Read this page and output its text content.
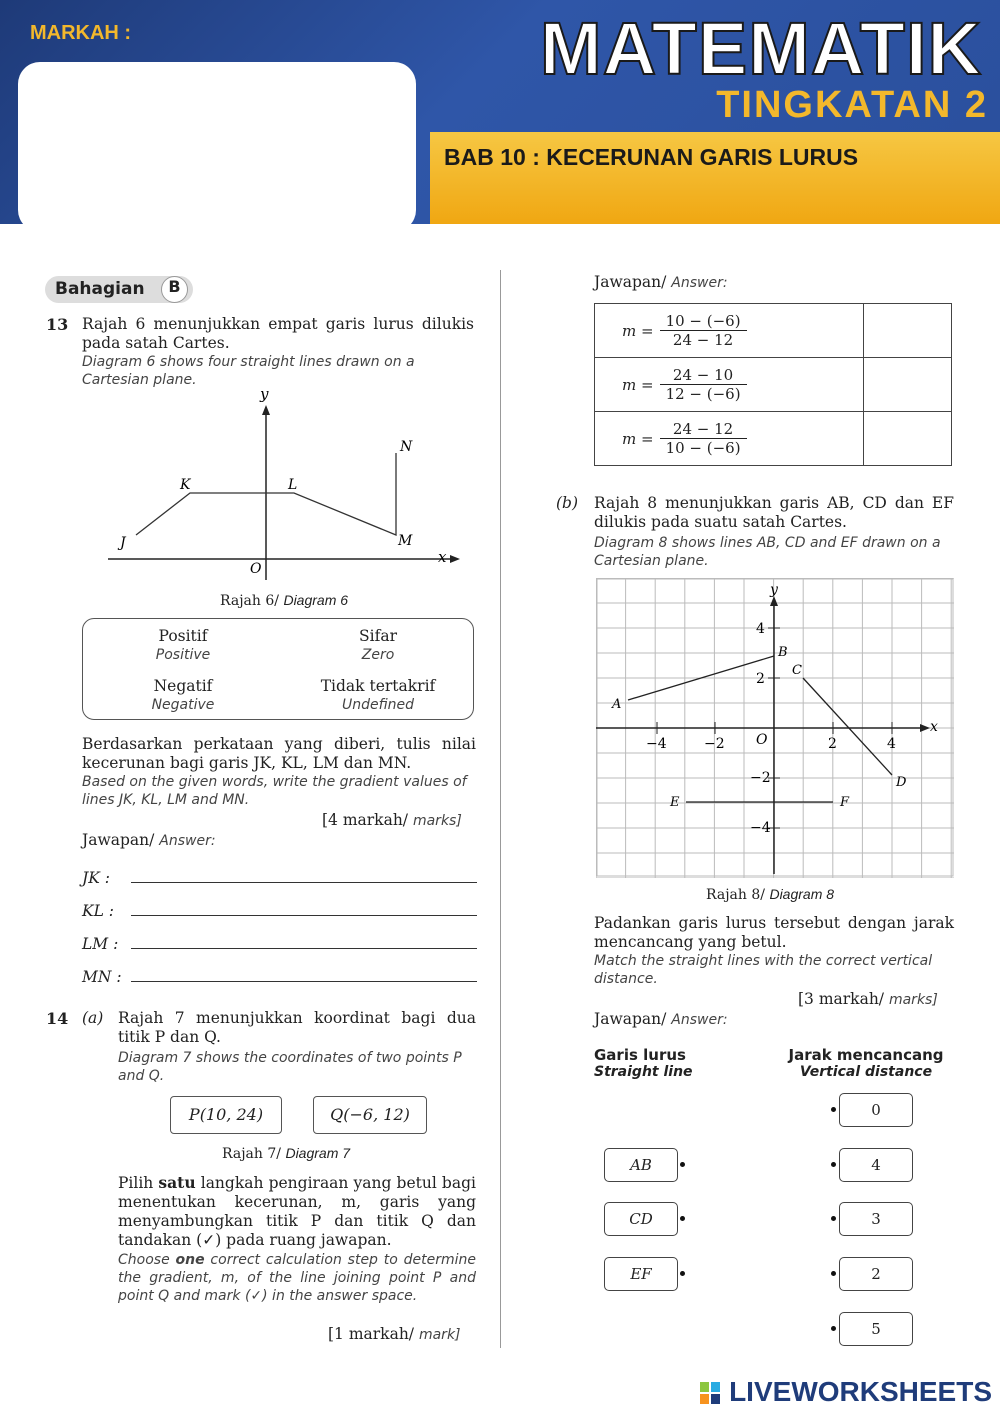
MARKAH :	MATEMATIK
TINGKATAN 2
BAB 10 : KECERUNAN GARIS LURUS
Bahagian	B
13 Rajah 6 menunjukkan empat garis lurus dilukis pada satah Cartes.
Diagram 6 shows four straight lines drawn on a Cartesian plane.
y
x
O
J
K	L
M
N
Rajah 6/ Diagram 6
Positif
Positive
Sifar
Zero
Negatif
Negative
Tidak tertakrif
Undefined
Berdasarkan perkataan yang diberi, tulis nilai kecerunan bagi garis JK, KL, LM dan MN.
Based on the given words, write the gradient values of lines JK, KL, LM and MN.
[4 markah/ marks]
Jawapan/ Answer:
JK :
KL :
LM :
MN :
14 (a) Rajah 7 menunjukkan koordinat bagi dua titik P dan Q.
Diagram 7 shows the coordinates of two points P and Q.
P(10, 24)	Q(−6, 12)
Rajah 7/ Diagram 7
Pilih satu langkah pengiraan yang betul bagi menentukan kecerunan, m, garis yang menyambungkan titik P dan titik Q dan tandakan (✓) pada ruang jawapan.
Choose one correct calculation step to determine the gradient, m, of the line joining point P and point Q and mark (✓) in the answer space.
[1 markah/ mark]
Jawapan/ Answer:
$m = \frac{10 - (-6)}{24 - 12}$

$m = \frac{24 - 10}{12 - (-6)}$

$m = \frac{24 - 12}{10 - (-6)}$

(b) Rajah 8 menunjukkan garis AB, CD dan EF dilukis pada suatu satah Cartes.
Diagram 8 shows lines AB, CD and EF drawn on a Cartesian plane.
y
x
O
−4	−2	2	4
4
2
−2
−4
A
B
C
D
E	F
Rajah 8/ Diagram 8
Padankan garis lurus tersebut dengan jarak mencancang yang betul.
Match the straight lines with the correct vertical distance.
[3 markah/ marks]
Jawapan/ Answer:
Garis lurus
Straight line
Jarak mencancang
Vertical distance
AB
CD
EF
0
4
3
2
5
LIVEWORKSHEETS
